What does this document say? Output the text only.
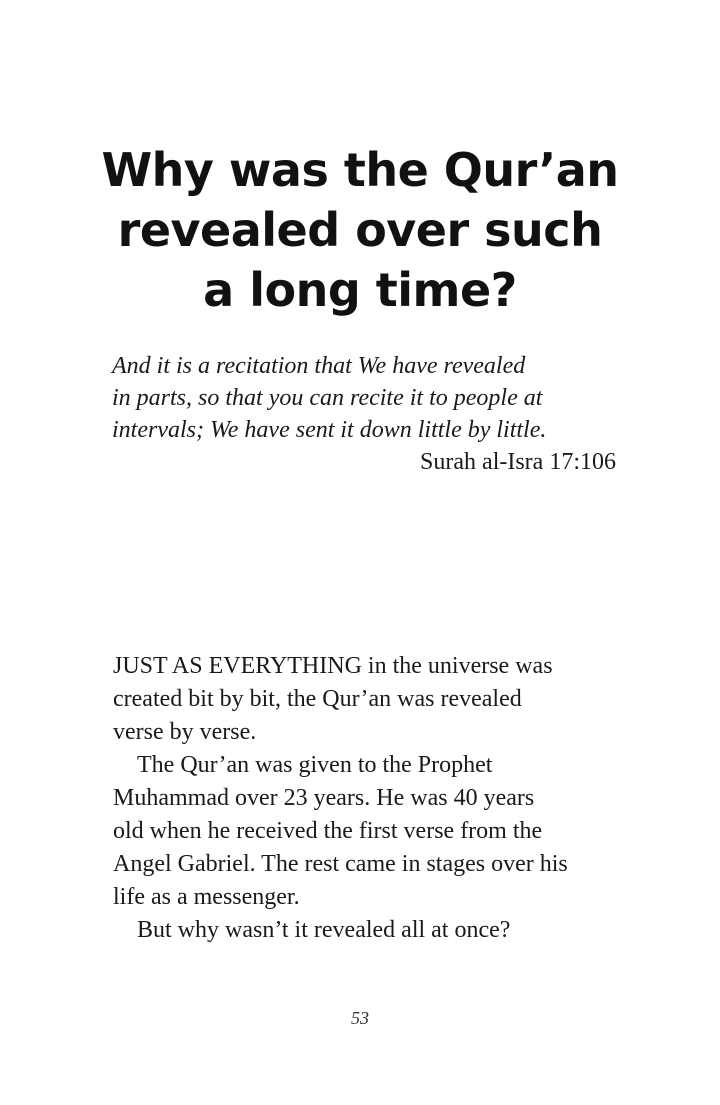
Why was the Qur’an
revealed over such
a long time?
And it is a recitation that We have revealed
in parts, so that you can recite it to people at
intervals; We have sent it down little by little.
Surah al-Isra 17:106

JUST AS EVERYTHING in the universe was
created bit by bit, the Qur’an was revealed
verse by verse.

The Qur’an was given to the Prophet
Muhammad over 23 years. He was 40 years
old when he received the first verse from the
Angel Gabriel. The rest came in stages over his
life as a messenger.

But why wasn’t it revealed all at once?

53
